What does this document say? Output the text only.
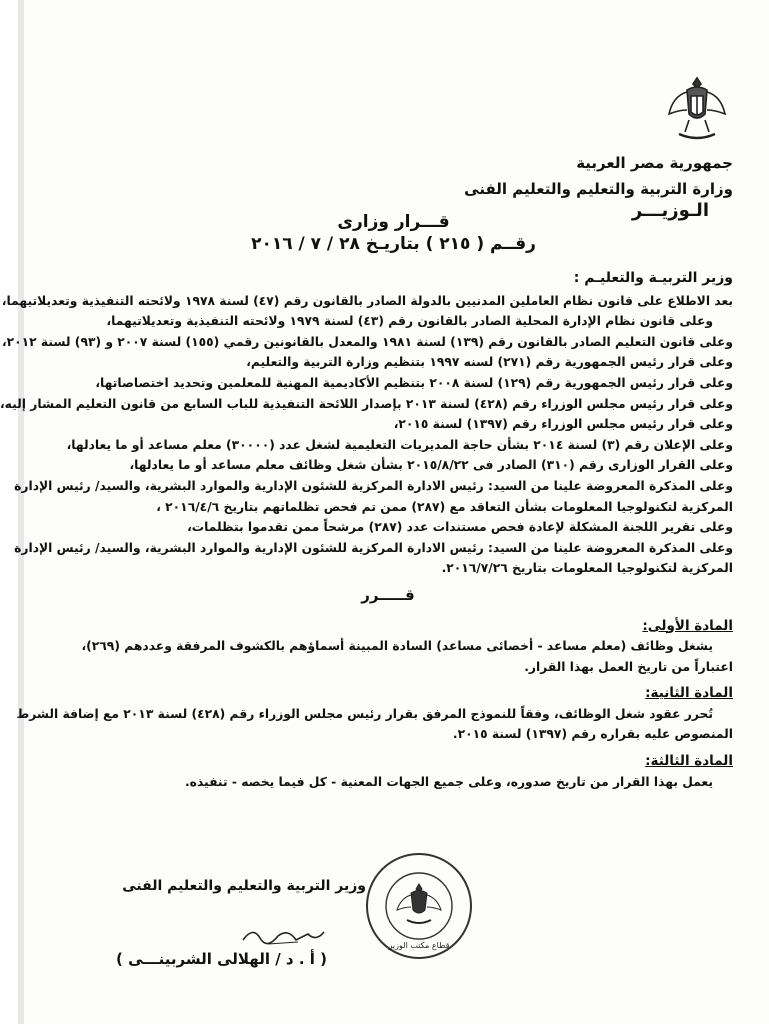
جمهورية مصر العربية
وزارة التربية والتعليم والتعليم الفنى
الـوزيـــر
قـــرار وزارى
رقــم ( ٢١٥ ) بتاريـخ ٢٨ / ٧ / ٢٠١٦

وزير التربيـة والتعليـم :

بعد الاطلاع على قانون نظام العاملين المدنيين بالدولة الصادر بالقانون رقم (٤٧) لسنة ١٩٧٨ ولائحته التنفيذية وتعديلاتيهما،

وعلى قانون نظام الإدارة المحلية الصادر بالقانون رقم (٤٣) لسنة ١٩٧٩ ولائحته التنفيذية وتعديلاتيهما،

وعلى قانون التعليم الصادر بالقانون رقم (١٣٩) لسنة ١٩٨١ والمعدل بالقانونين رقمي (١٥٥) لسنة ٢٠٠٧ و (٩٣) لسنة ٢٠١٢،

وعلى قرار رئيس الجمهورية رقم (٢٧١) لسنه ١٩٩٧ بتنظيم وزارة التربية والتعليم،

وعلى قرار رئيس الجمهورية رقم (١٢٩) لسنة ٢٠٠٨ بتنظيم الأكاديمية المهنية للمعلمين وتحديد اختصاصاتها،

وعلى قرار رئيس مجلس الوزراء رقم (٤٢٨) لسنة ٢٠١٣ بإصدار اللائحة التنفيذية للباب السابع من قانون التعليم المشار إليه،

وعلى قرار رئيس مجلس الوزراء رقم (١٣٩٧) لسنة ٢٠١٥،

وعلى الإعلان رقم (٣) لسنة ٢٠١٤ بشأن حاجة المديريات التعليمية لشغل عدد (٣٠٠٠٠) معلم مساعد أو ما يعادلها،

وعلى القرار الوزارى رقم (٣١٠) الصادر فى ٢٠١٥/٨/٢٢ بشأن شغل وظائف معلم مساعد أو ما يعادلها،

وعلى المذكرة المعروضة علينا من السيد: رئيس الادارة المركزية للشئون الإدارية والموارد البشرية، والسيد/ رئيس الإدارة

المركزية لتكنولوجيا المعلومات بشأن التعاقد مع (٢٨٧) ممن تم فحص تظلماتهم بتاريخ ٢٠١٦/٤/٦ ،

وعلى تقرير اللجنة المشكلة لإعادة فحص مستندات عدد (٢٨٧) مرشحاً ممن تقدموا بتظلمات،

وعلى المذكرة المعروضة علينا من السيد: رئيس الادارة المركزية للشئون الإدارية والموارد البشرية، والسيد/ رئيس الإدارة

المركزية لتكنولوجيا المعلومات بتاريخ ٢٠١٦/٧/٢٦.

قـــــرر

المادة الأولى:

يشغل وظائف (معلم مساعد - أخصائى مساعد) السادة المبينة أسماؤهم بالكشوف المرفقة وعددهم (٢٦٩)،

اعتباراً من تاريخ العمل بهذا القرار.

المادة الثانية:

تُحرر عقود شغل الوظائف، وفقاً للنموذج المرفق بقرار رئيس مجلس الوزراء رقم (٤٢٨) لسنة ٢٠١٣ مع إضافة الشرط

المنصوص عليه بقراره رقم (١٣٩٧) لسنة ٢٠١٥.

المادة الثالثة:

يعمل بهذا القرار من تاريخ صدوره، وعلى جميع الجهات المعنية - كل فيما يخصه - تنفيذه.

قطاع مكتب الوزير
وزير التربية والتعليم والتعليم الفنى
( أ . د / الهلالى الشربينـــى )
